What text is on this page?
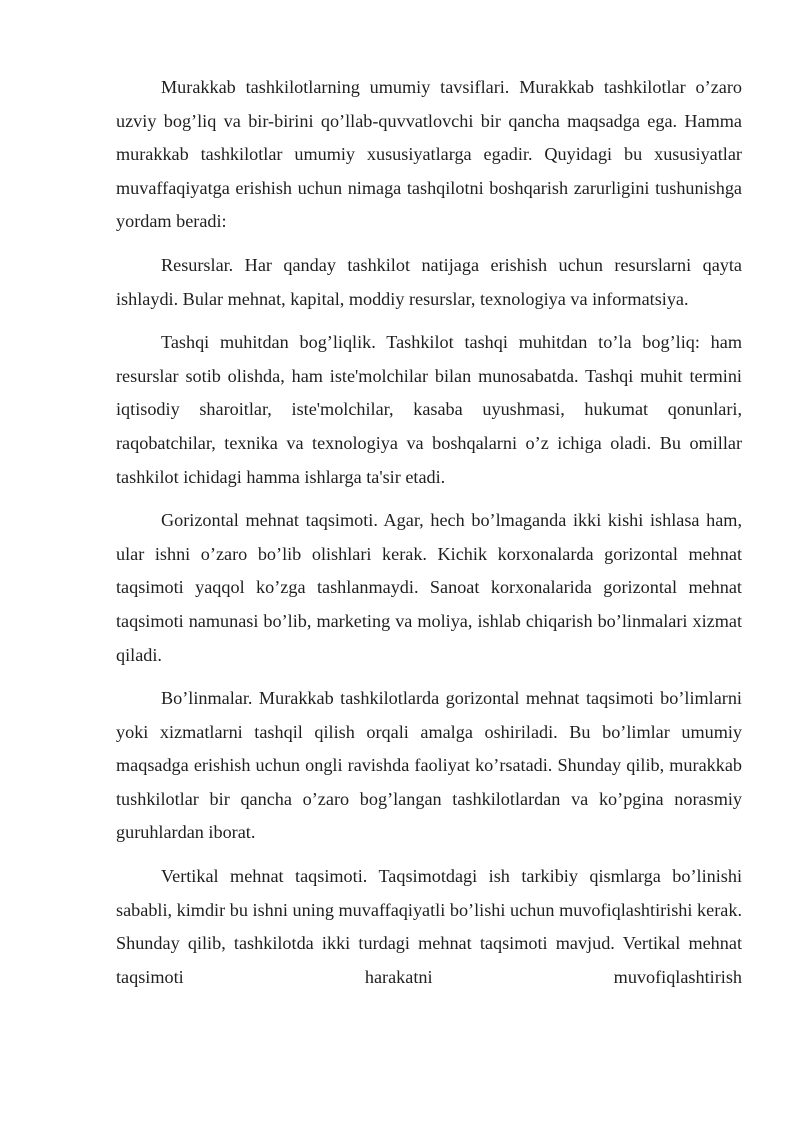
Murakkab tashkilotlarning umumiy tavsiflari. Murakkab tashkilotlar o’zaro uzviy bog’liq va bir-birini qo’llab-quvvatlovchi bir qancha maqsadga ega. Hamma murakkab tashkilotlar umumiy xususiyatlarga egadir. Quyidagi bu xususiyatlar muvaffaqiyatga erishish uchun nimaga tashqilotni boshqarish zarurligini tushunishga yordam beradi:

Resurslar. Har qanday tashkilot natijaga erishish uchun resurslarni qayta ishlaydi. Bular mehnat, kapital, moddiy resurslar, texnologiya va informatsiya.

Tashqi muhitdan bog’liqlik. Tashkilot tashqi muhitdan to’la bog’liq: ham resurslar sotib olishda, ham iste'molchilar bilan munosabatda. Tashqi muhit termini iqtisodiy sharoitlar, iste'molchilar, kasaba uyushmasi, hukumat qonunlari, raqobatchilar, texnika va texnologiya va boshqalarni o’z ichiga oladi. Bu omillar tashkilot ichidagi hamma ishlarga ta'sir etadi.

Gorizontal mehnat taqsimoti. Agar, hech bo’lmaganda ikki kishi ishlasa ham, ular ishni o’zaro bo’lib olishlari kerak. Kichik korxonalarda gorizontal mehnat taqsimoti yaqqol ko’zga tashlanmaydi. Sanoat korxonalarida gorizontal mehnat taqsimoti namunasi bo’lib, marketing va moliya, ishlab chiqarish bo’linmalari xizmat qiladi.

Bo’linmalar. Murakkab tashkilotlarda gorizontal mehnat taqsimoti bo’limlarni yoki xizmatlarni tashqil qilish orqali amalga oshiriladi. Bu bo’limlar umumiy maqsadga erishish uchun ongli ravishda faoliyat ko’rsatadi. Shunday qilib, murakkab tushkilotlar bir qancha o’zaro bog’langan tashkilotlardan va ko’pgina norasmiy guruhlardan iborat.

Vertikal mehnat taqsimoti. Taqsimotdagi ish tarkibiy qismlarga bo’linishi sababli, kimdir bu ishni uning muvaffaqiyatli bo’lishi uchun muvofiqlashtirishi kerak. Shunday qilib, tashkilotda ikki turdagi mehnat taqsimoti mavjud. Vertikal mehnat taqsimoti harakatni muvofiqlashtirish
